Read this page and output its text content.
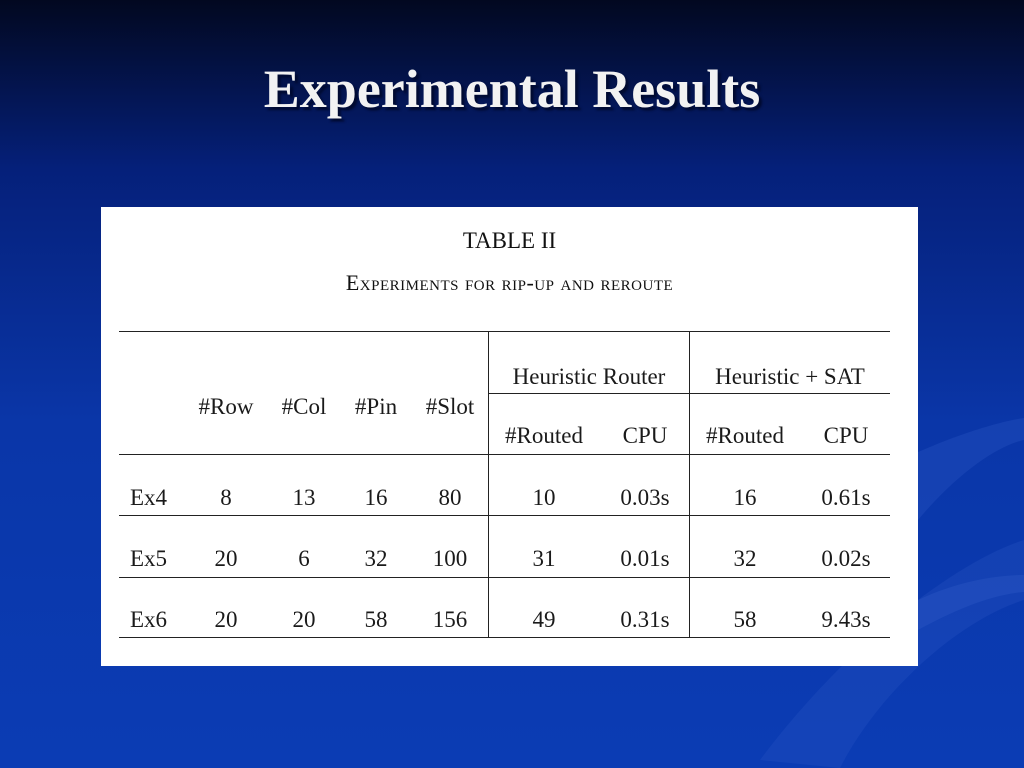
Experimental Results
TABLE II
Experiments for rip-up and reroute
Heuristic Router	Heuristic + SAT
#Row	#Col	#Pin	#Slot
#Routed	CPU	#Routed	CPU
Ex4	8	13	16	80	10	0.03s	16	0.61s
Ex5	20	6	32	100	31	0.01s	32	0.02s
Ex6	20	20	58	156	49	0.31s	58	9.43s
